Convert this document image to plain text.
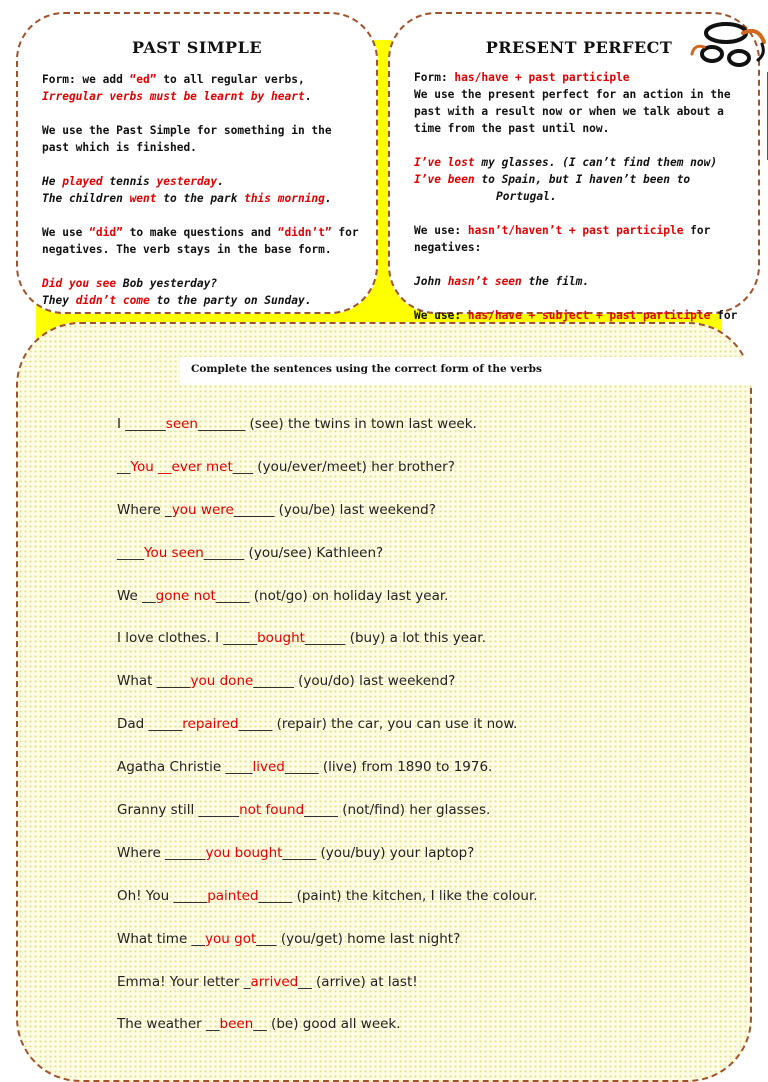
PAST SIMPLE

Form: we add “ed” to all regular verbs,

Irregular verbs must be learnt by heart.

We use the Past Simple for something in the

past which is finished.

He played tennis yesterday.

The children went to the park this morning.

We use “did” to make questions and “didn’t” for

negatives. The verb stays in the base form.

Did you see Bob yesterday?

They didn’t come to the party on Sunday.

PRESENT PERFECT

Form: has/have + past participle

We use the present perfect for an action in the

past with a result now or when we talk about a

time from the past until now.

I’ve lost my glasses. (I can’t find them now)

I’ve been to Spain, but I haven’t been to

Portugal.

We use: hasn’t/haven’t + past participle for

negatives:

John hasn’t seen the film.

We use: has/have + subject + past participle for

Complete the sentences using the correct form of the verbs
I ______seen_______ (see) the twins in town last week.
__You __ever met___ (you/ever/meet) her brother?
Where _you were______ (you/be) last weekend?
____You seen______ (you/see) Kathleen?
We __gone not_____ (not/go) on holiday last year.
I love clothes. I _____bought______ (buy) a lot this year.
What _____you done______ (you/do) last weekend?
Dad _____repaired_____ (repair) the car, you can use it now.
Agatha Christie ____lived_____ (live) from 1890 to 1976.
Granny still ______not found_____ (not/find) her glasses.
Where ______you bought_____ (you/buy) your laptop?
Oh! You _____painted_____ (paint) the kitchen, I like the colour.
What time __you got___ (you/get) home last night?
Emma! Your letter _arrived__ (arrive) at last!
The weather __been__ (be) good all week.
